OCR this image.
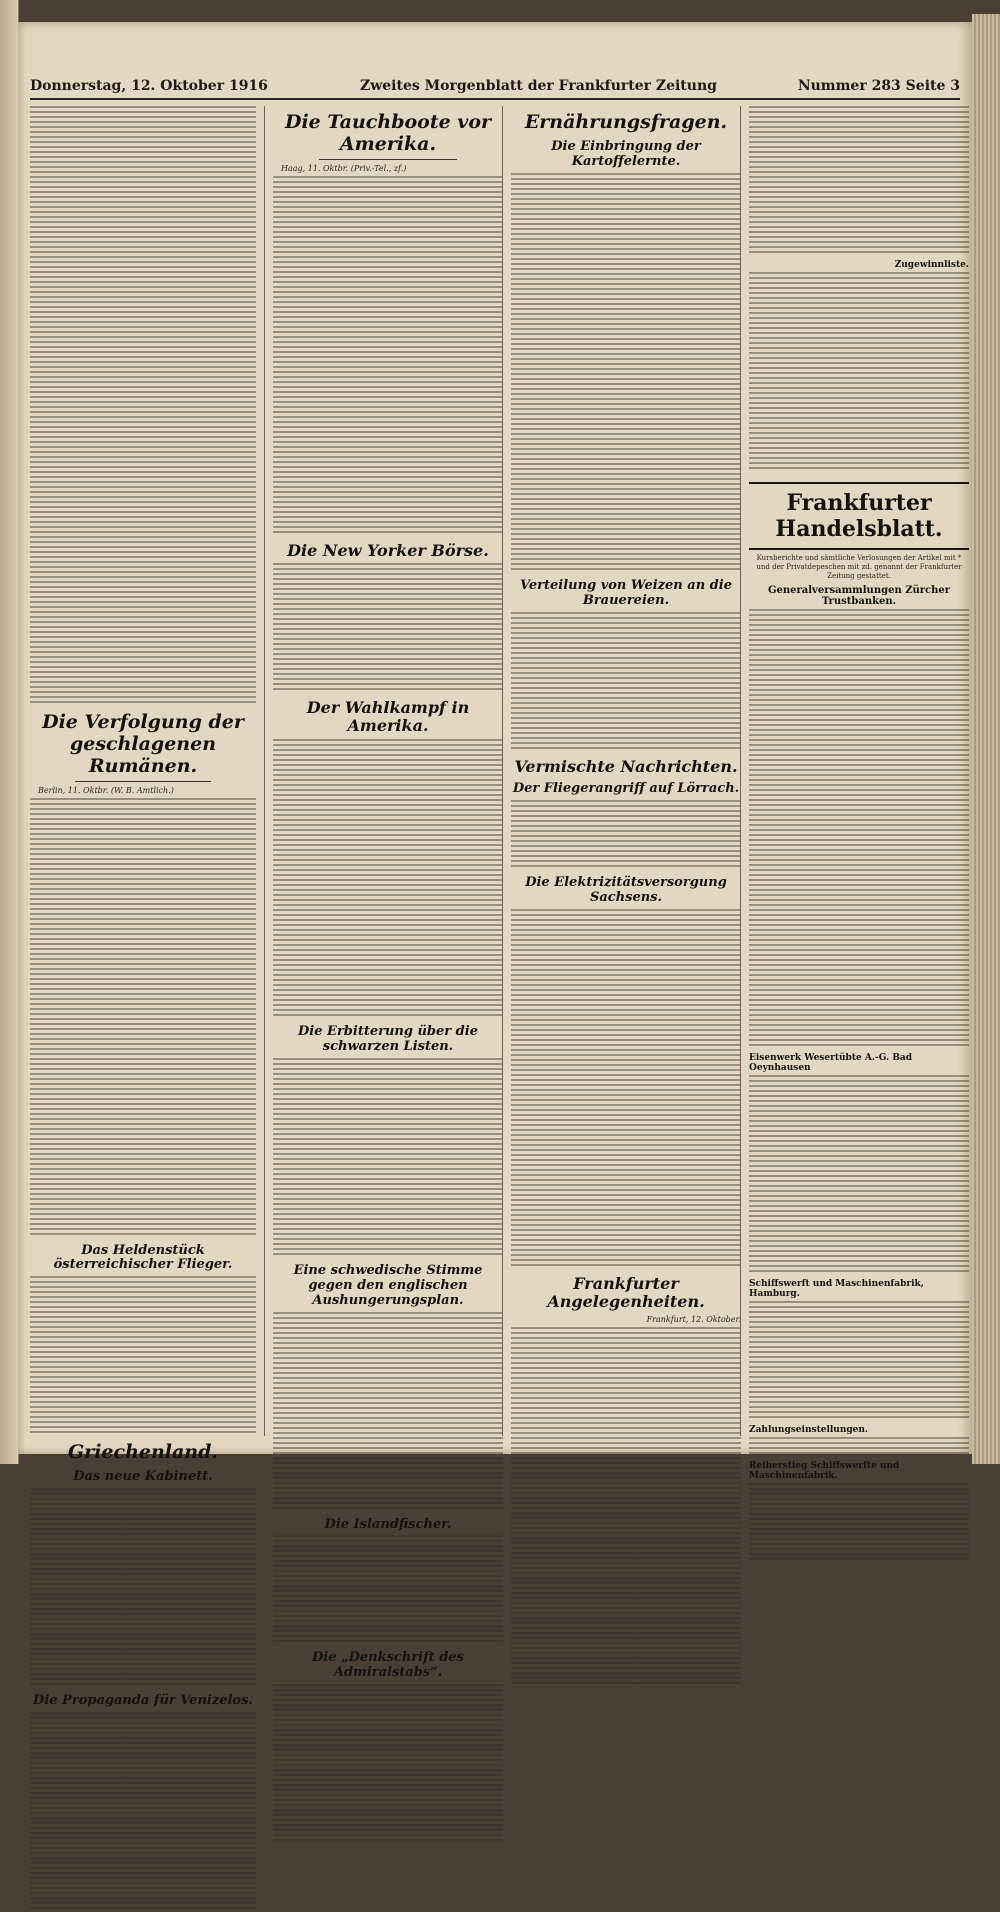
Donnerstag, 12. Oktober 1916	Zweites Morgenblatt der Frankfurter Zeitung	Nummer 283 Seite 3
Die Verfolgung der geschlagenen Rumänen.
Berlin, 11. Oktbr. (W. B. Amtlich.)
Das Heldenstück österreichischer Flieger.
Griechenland.
Das neue Kabinett.
Die Propaganda für Venizelos.
Die Tauchboote vor Amerika.
Haag, 11. Oktbr. (Priv.-Tel., zf.)
Die New Yorker Börse.
Der Wahlkampf in Amerika.
Die Erbitterung über die schwarzen Listen.
Eine schwedische Stimme gegen den englischen Aushungerungsplan.
Die Islandfischer.
Die „Denkschrift des Admiralstabs“.
Ernährungsfragen.
Die Einbringung der Kartoffelernte.
Verteilung von Weizen an die Brauereien.
Vermischte Nachrichten.
Der Fliegerangriff auf Lörrach.
Die Elektrizitätsversorgung Sachsens.
Frankfurter Angelegenheiten.
Frankfurt, 12. Oktober.
Zugewinnliste.
Frankfurter Handelsblatt.
Kursberichte und sämtliche Verlosungen der Artikel mit * und der Privatdepeschen mit zd. genannt der Frankfurter Zeitung gestattet.
Generalversammlungen Zürcher Trustbanken.
Eisenwerk Wesertübte A.-G. Bad Oeynhausen
Schiffswerft und Maschinenfabrik, Hamburg.
Zahlungseinstellungen.
Reiherstieg Schiffswerfte und Maschinenfabrik.
